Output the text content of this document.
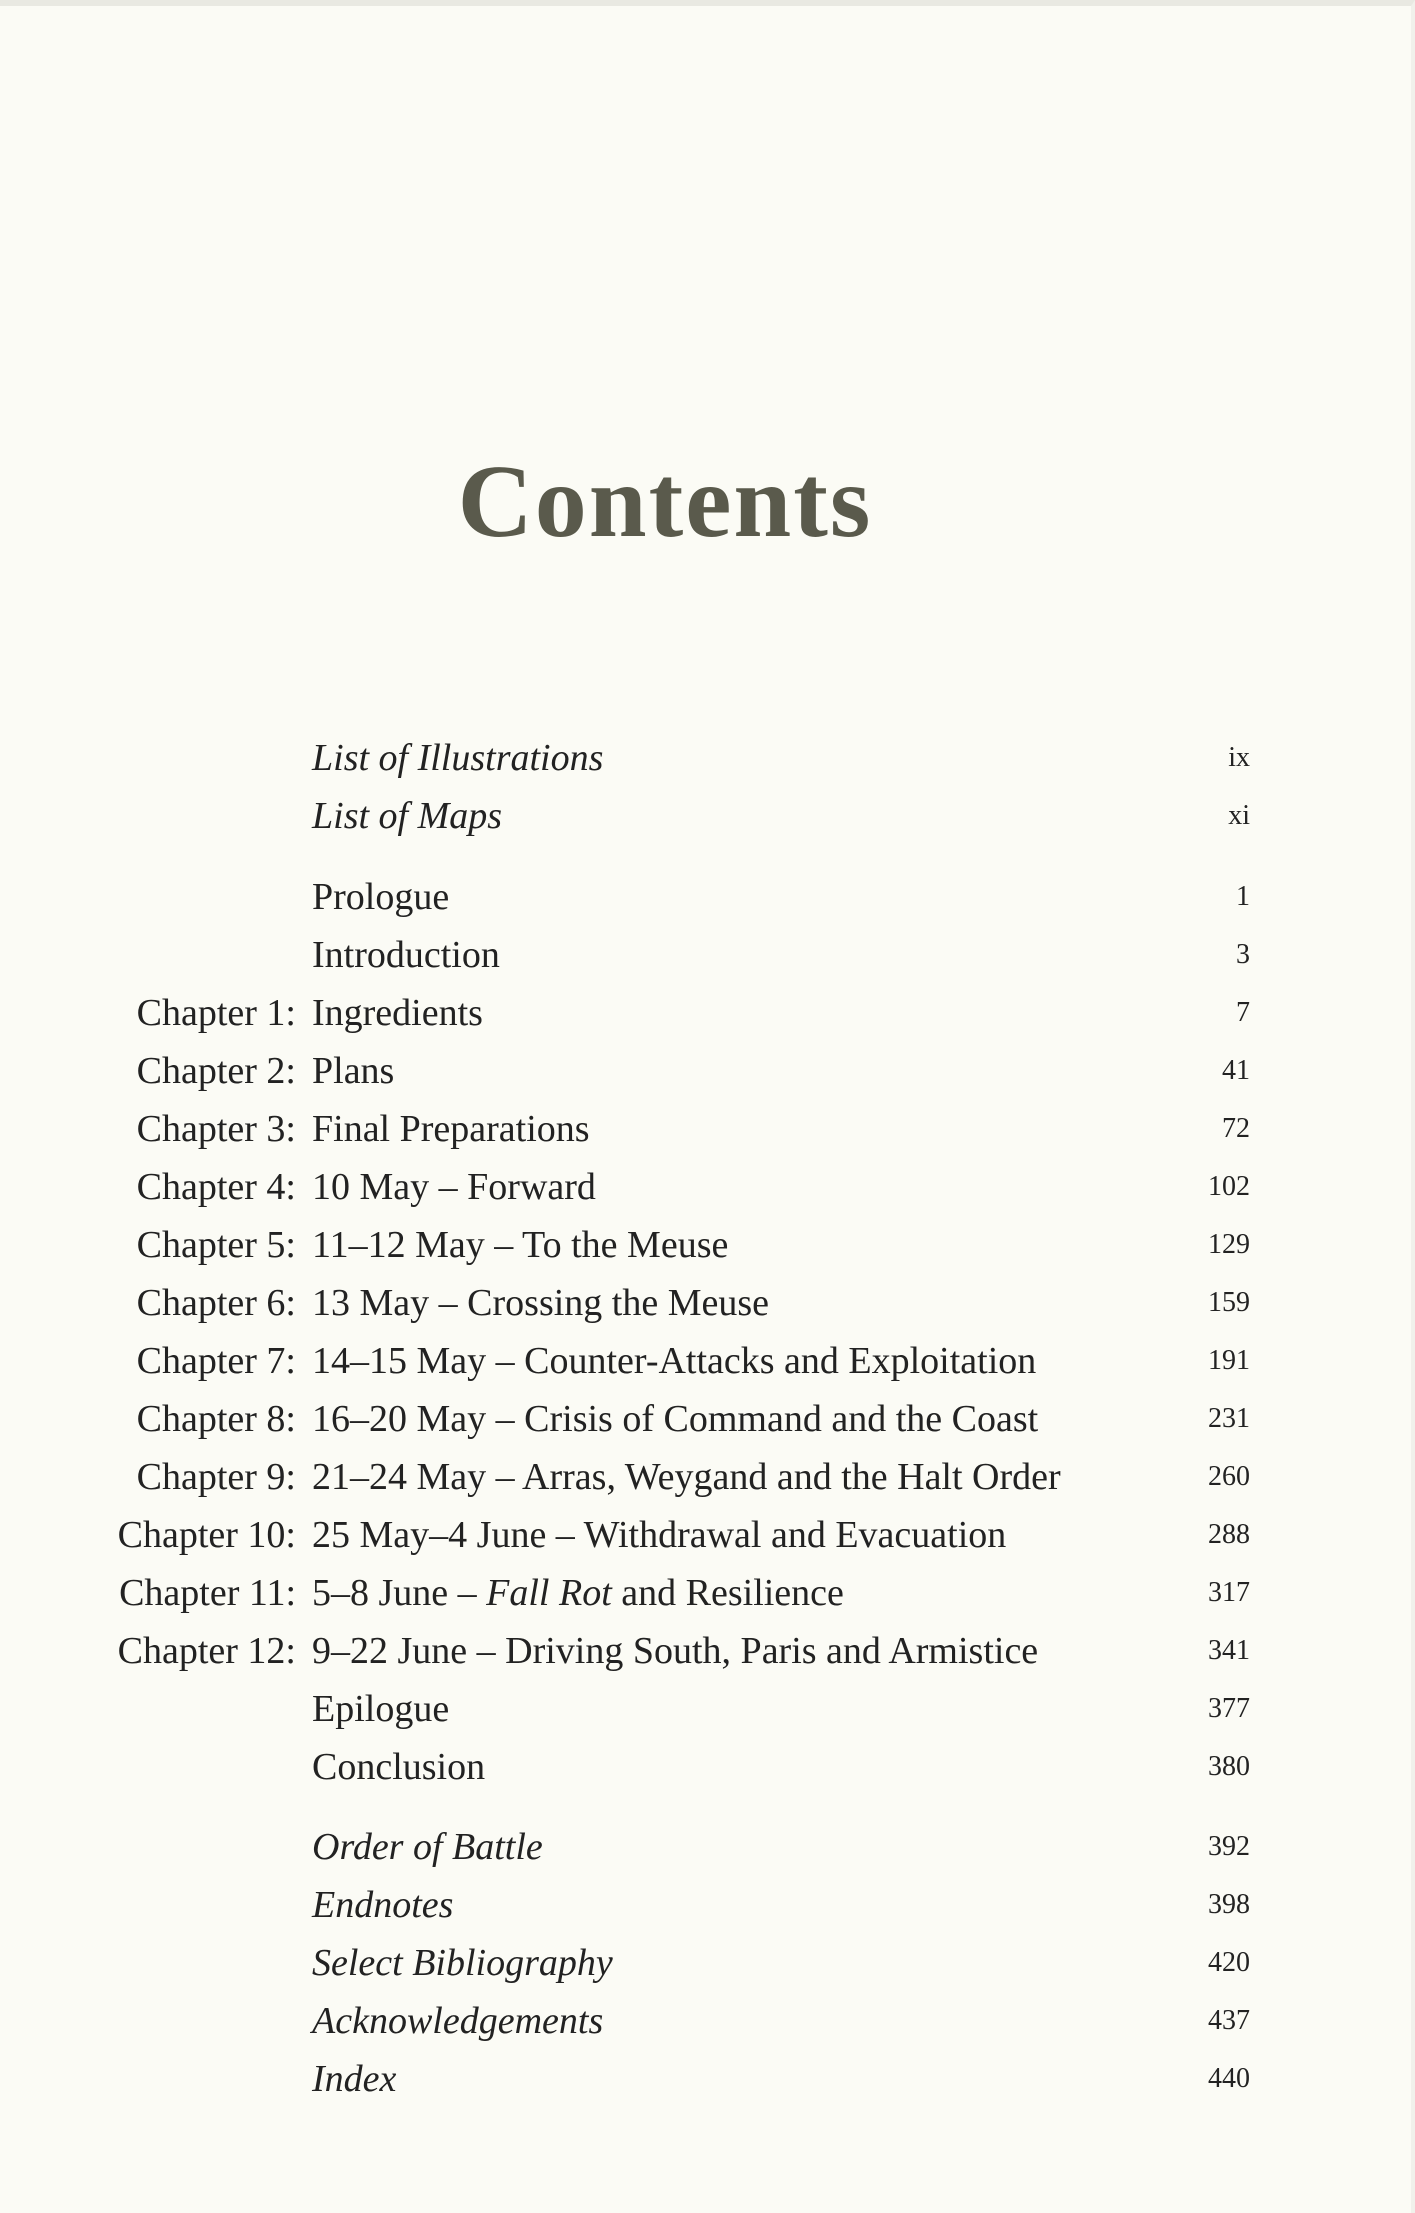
Contents
List of Illustrations	ix
List of Maps	xi
Prologue	1
Introduction	3
Chapter 1: Ingredients	7
Chapter 2: Plans	41
Chapter 3: Final Preparations	72
Chapter 4: 10 May – Forward	102
Chapter 5: 11–12 May – To the Meuse	129
Chapter 6: 13 May – Crossing the Meuse	159
Chapter 7: 14–15 May – Counter-Attacks and Exploitation	191
Chapter 8: 16–20 May – Crisis of Command and the Coast	231
Chapter 9: 21–24 May – Arras, Weygand and the Halt Order	260
Chapter 10: 25 May–4 June – Withdrawal and Evacuation	288
Chapter 11: 5–8 June – Fall Rot and Resilience	317
Chapter 12: 9–22 June – Driving South, Paris and Armistice	341
Epilogue	377
Conclusion	380
Order of Battle	392
Endnotes	398
Select Bibliography	420
Acknowledgements	437
Index	440
